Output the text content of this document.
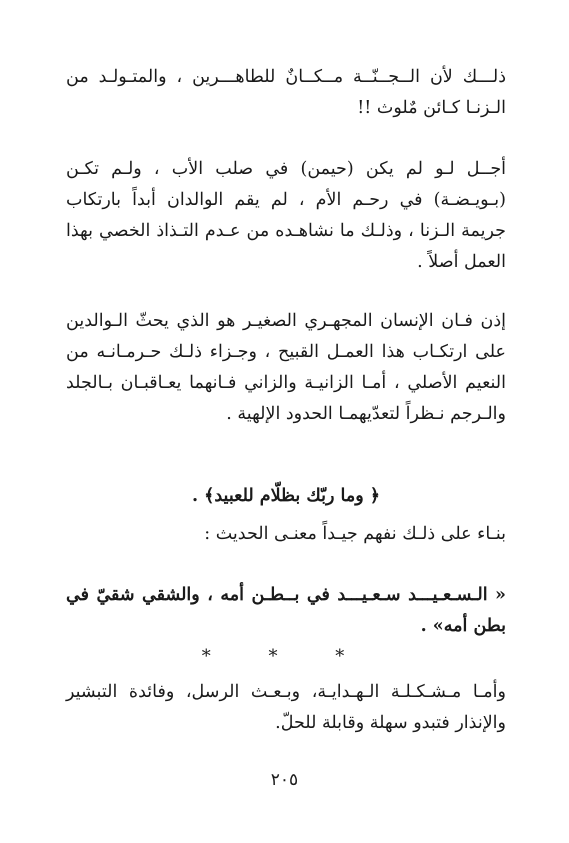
ذلـــك لأن الــجــنّــة مــكــانٌ للطاهـــرين ، والمتـولـد من الـزنـا كـائن مٌلوث !!

أجــل لـو لم يكن (حيمن) في صلب الأب ، ولـم تكـن (بـويـضـة) في رحـم الأم ، لم يقم الوالدان أبداً بارتكاب جريمة الـزنا ، وذلـك ما نشاهـده من عـدم التـذاذ الخصي بهذا العمل أصلاً .

إذن فـان الإنسان المجهـري الصغيـر هو الذي يحثّ الـوالدين على ارتكـاب هذا العمـل القبيح ، وجـزاء ذلـك حـرمـانـه من النعيم الأصلي ، أمـا الزانيـة والزاني فـانهما يعـاقبـان بـالجلد والـرجم نـظراً لتعدّيهمـا الحدود الإلهية .

﴿ وما ربّك بظلّام للعبيد﴾ .

بنـاء على ذلـك نفهم جيـداً معنـى الحديث :

« الـسـعـيـــد سـعـيـــد في بــطـن أمه ، والشقي شقيّ في بطن أمه» .

* * *

وأمـا مـشـكـلـة الـهـدايـة، وبـعـث الرسل، وفائدة التبشير والإنذار فتبدو سهلة وقابلة للحلّ.

٢٠٥
